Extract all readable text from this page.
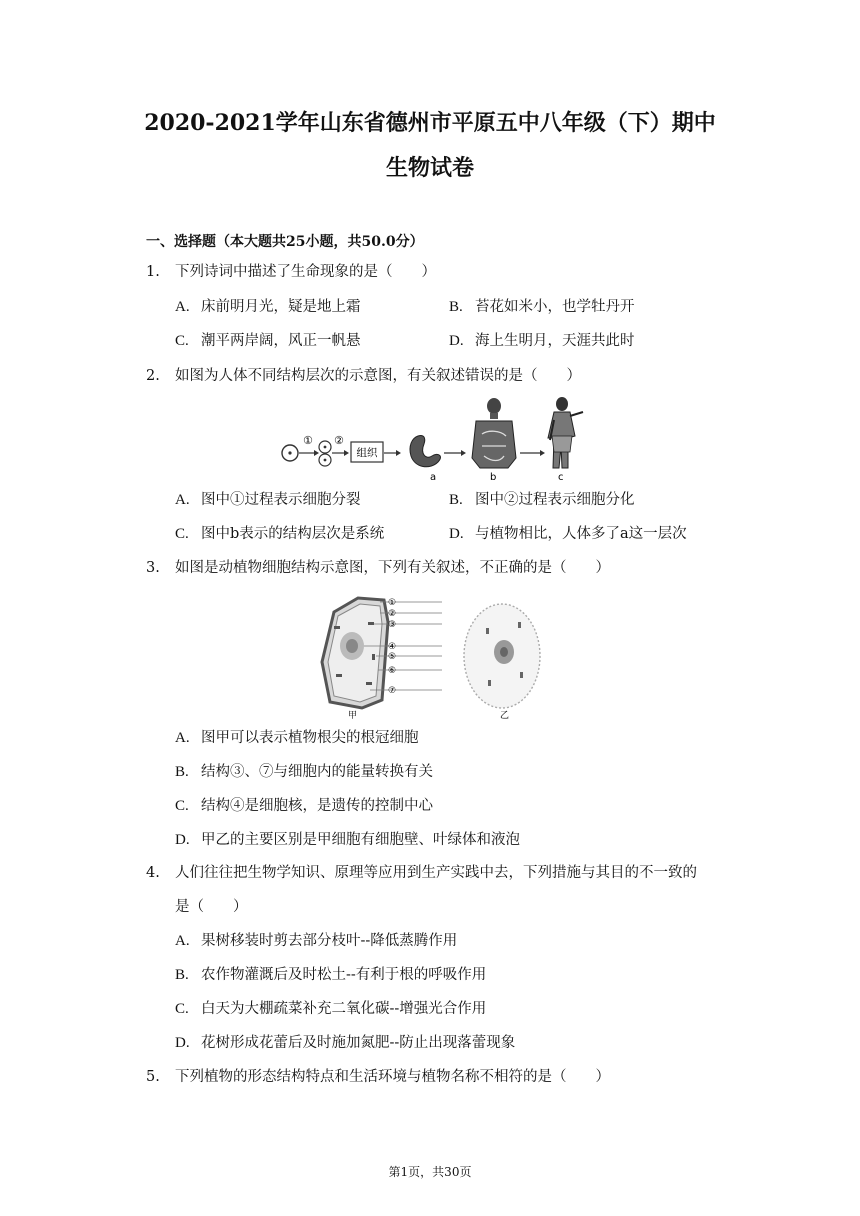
2020-2021学年山东省德州市平原五中八年级（下）期中
生物试卷
一、选择题（本大题共25小题，共50.0分）
1. 下列诗词中描述了生命现象的是（　　）
A. 床前明月光，疑是地上霜	B. 苔花如米小，也学牡丹开
C. 潮平两岸阔，风正一帆悬	D. 海上生明月，天涯共此时
2. 如图为人体不同结构层次的示意图，有关叙述错误的是（　　）
① ②
组织
a	b	c
A. 图中①过程表示细胞分裂	B. 图中②过程表示细胞分化
C. 图中b表示的结构层次是系统	D. 与植物相比，人体多了a这一层次
3. 如图是动植物细胞结构示意图，下列有关叙述，不正确的是（　　）
①
②
③
④
⑤
⑥
⑦
甲	乙
A. 图甲可以表示植物根尖的根冠细胞
B. 结构③、⑦与细胞内的能量转换有关
C. 结构④是细胞核，是遗传的控制中心
D. 甲乙的主要区别是甲细胞有细胞壁、叶绿体和液泡
4. 人们往往把生物学知识、原理等应用到生产实践中去，下列措施与其目的不一致的
是（　　）
A. 果树移装时剪去部分枝叶--降低蒸腾作用
B. 农作物灌溉后及时松土--有利于根的呼吸作用
C. 白天为大棚疏菜补充二氧化碳--增强光合作用
D. 花树形成花蕾后及时施加氮肥--防止出现落蕾现象
5. 下列植物的形态结构特点和生活环境与植物名称不相符的是（　　）
第1页，共30页
